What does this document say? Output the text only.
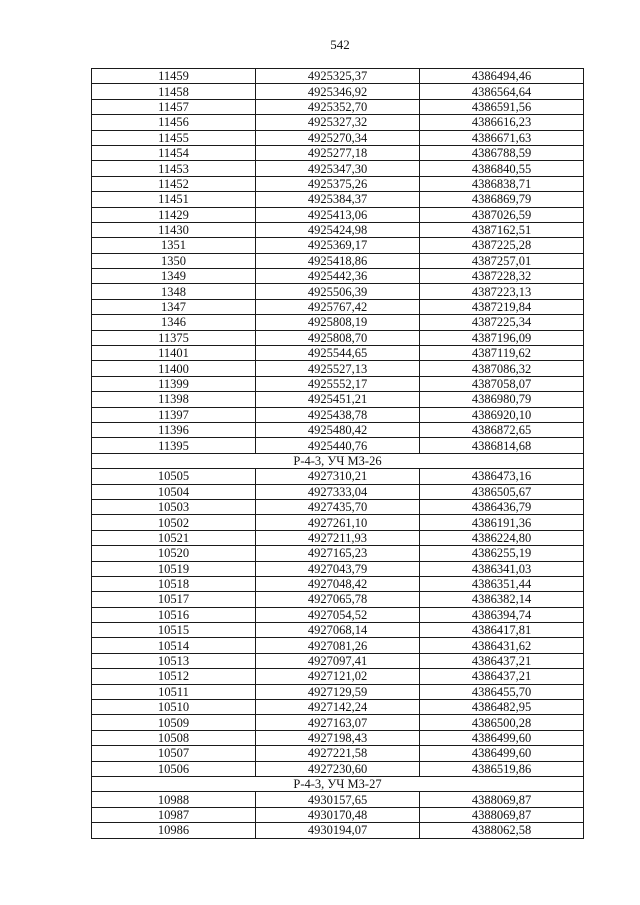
542
11459	4925325,37	4386494,46
11458	4925346,92	4386564,64
11457	4925352,70	4386591,56
11456	4925327,32	4386616,23
11455	4925270,34	4386671,63
11454	4925277,18	4386788,59
11453	4925347,30	4386840,55
11452	4925375,26	4386838,71
11451	4925384,37	4386869,79
11429	4925413,06	4387026,59
11430	4925424,98	4387162,51
1351	4925369,17	4387225,28
1350	4925418,86	4387257,01
1349	4925442,36	4387228,32
1348	4925506,39	4387223,13
1347	4925767,42	4387219,84
1346	4925808,19	4387225,34
11375	4925808,70	4387196,09
11401	4925544,65	4387119,62
11400	4925527,13	4387086,32
11399	4925552,17	4387058,07
11398	4925451,21	4386980,79
11397	4925438,78	4386920,10
11396	4925480,42	4386872,65
11395	4925440,76	4386814,68
Р-4-3, УЧ МЗ-26		
10505	4927310,21	4386473,16
10504	4927333,04	4386505,67
10503	4927435,70	4386436,79
10502	4927261,10	4386191,36
10521	4927211,93	4386224,80
10520	4927165,23	4386255,19
10519	4927043,79	4386341,03
10518	4927048,42	4386351,44
10517	4927065,78	4386382,14
10516	4927054,52	4386394,74
10515	4927068,14	4386417,81
10514	4927081,26	4386431,62
10513	4927097,41	4386437,21
10512	4927121,02	4386437,21
10511	4927129,59	4386455,70
10510	4927142,24	4386482,95
10509	4927163,07	4386500,28
10508	4927198,43	4386499,60
10507	4927221,58	4386499,60
10506	4927230,60	4386519,86
Р-4-3, УЧ МЗ-27		
10988	4930157,65	4388069,87
10987	4930170,48	4388069,87
10986	4930194,07	4388062,58
